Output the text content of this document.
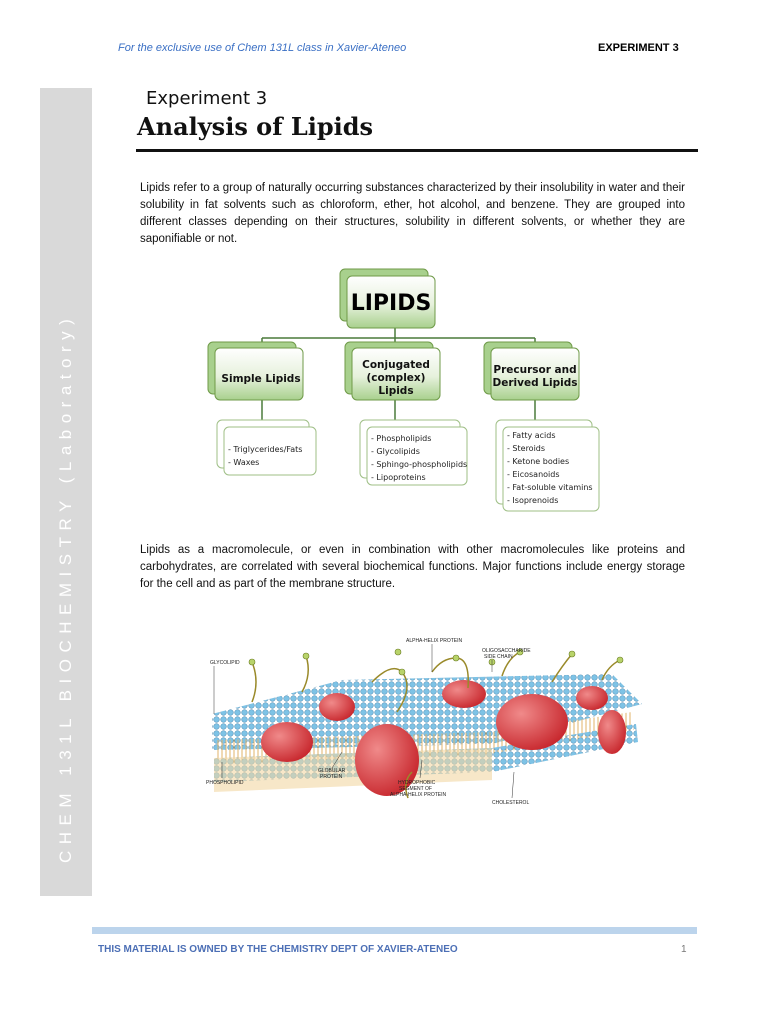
For the exclusive use of Chem 131L class in Xavier-Ateneo	EXPERIMENT 3
CHEM 131L BIOCHEMISTRY (Laboratory)
Experiment 3
Analysis of Lipids
Lipids refer to a group of naturally occurring substances characterized by their insolubility in water and their solubility in fat solvents such as chloroform, ether, hot alcohol, and benzene. They are grouped into different classes depending on their structures, solubility in different solvents, or whether they are saponifiable or not.
LIPIDS
Simple Lipids
Conjugated
(complex)
Lipids
Precursor and
Derived Lipids
- Triglycerides/Fats
- Waxes
- Phospholipids
- Glycolipids
- Sphingo-phospholipids
- Lipoproteins
- Fatty acids
- Steroids
- Ketone bodies
- Eicosanoids
- Fat-soluble vitamins
- Isoprenoids
Lipids as a macromolecule, or even in combination with other macromolecules like proteins and carbohydrates, are correlated with several biochemical functions. Major functions include energy storage for the cell and as part of the membrane structure.
ALPHA-HELIX PROTEIN
OLIGOSACCHARIDE
SIDE CHAIN
GLYCOLIPID
PHOSPHOLIPID
GLOBULAR
PROTEIN
HYDROPHOBIC
SEGMENT OF
ALPHA-HELIX PROTEIN
CHOLESTEROL
THIS MATERIAL IS OWNED BY THE CHEMISTRY DEPT OF XAVIER-ATENEO	1
